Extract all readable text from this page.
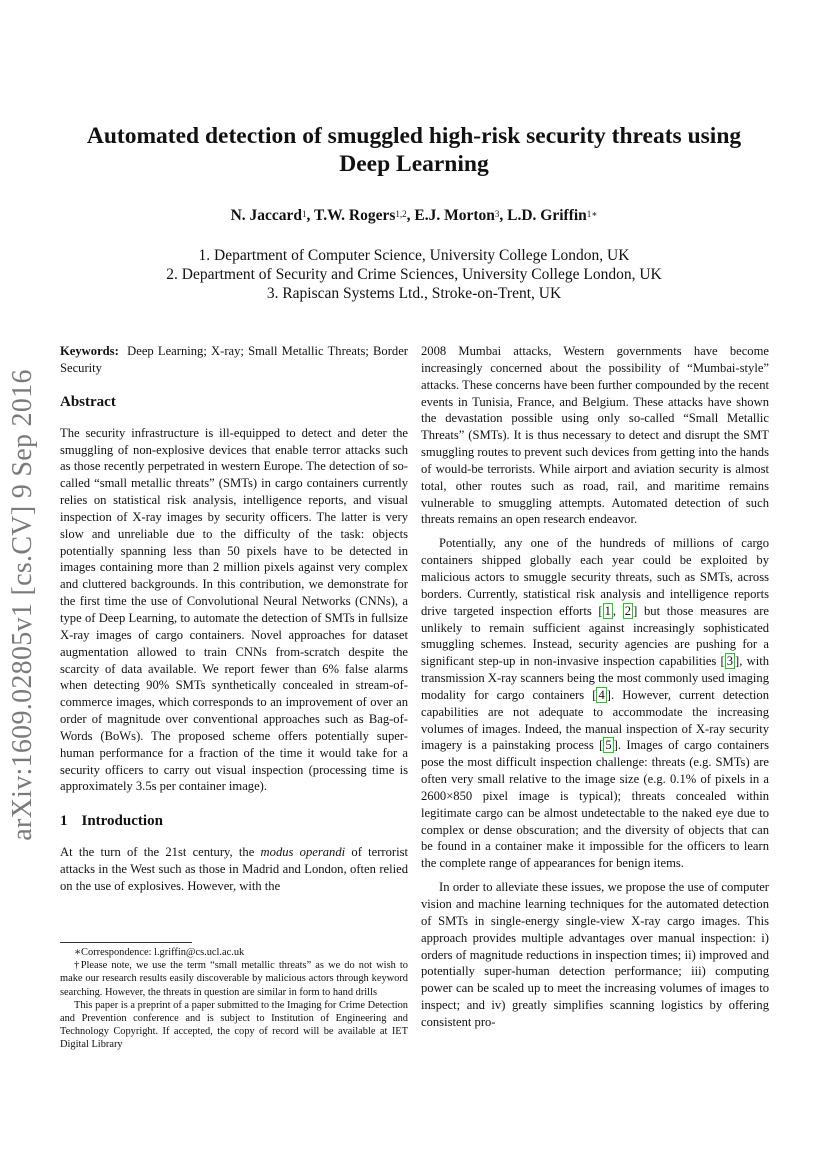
arXiv:1609.02805v1 [cs.CV] 9 Sep 2016
Automated detection of smuggled high-risk security threats using
Deep Learning
N. Jaccard$^1$, T.W. Rogers$^{1,2}$, E.J. Morton$^3$, L.D. Griffin$^{1∗}$
1. Department of Computer Science, University College London, UK
2. Department of Security and Crime Sciences, University College London, UK
3. Rapiscan Systems Ltd., Stroke-on-Trent, UK

Keywords: Deep Learning; X-ray; Small Metallic Threats; Border Security

Abstract

The security infrastructure is ill-equipped to detect and deter the smuggling of non-explosive devices that enable terror attacks such as those recently perpetrated in western Europe. The detection of so-called “small metallic threats” (SMTs) in cargo containers currently relies on statistical risk analysis, intelligence reports, and visual inspection of X-ray images by security officers. The latter is very slow and unreliable due to the difficulty of the task: objects potentially spanning less than 50 pixels have to be detected in images containing more than 2 million pixels against very complex and cluttered backgrounds. In this contribution, we demonstrate for the first time the use of Convolutional Neural Networks (CNNs), a type of Deep Learning, to automate the detection of SMTs in fullsize X-ray images of cargo containers. Novel approaches for dataset augmentation allowed to train CNNs from-scratch despite the scarcity of data available. We report fewer than 6% false alarms when detecting 90% SMTs synthetically concealed in stream-of-commerce images, which corresponds to an improvement of over an order of magnitude over conventional approaches such as Bag-of-Words (BoWs). The proposed scheme offers potentially super-human performance for a fraction of the time it would take for a security officers to carry out visual inspection (processing time is approximately 3.5s per container image).

1 Introduction

At the turn of the 21st century, the modus operandi of terrorist attacks in the West such as those in Madrid and London, often relied on the use of explosives. However, with the

∗Correspondence: l.griffin@cs.ucl.ac.uk

†Please note, we use the term “small metallic threats” as we do not wish to make our research results easily discoverable by malicious actors through keyword searching. However, the threats in question are similar in form to hand drills

This paper is a preprint of a paper submitted to the Imaging for Crime Detection and Prevention conference and is subject to Institution of Engineering and Technology Copyright. If accepted, the copy of record will be available at IET Digital Library

2008 Mumbai attacks, Western governments have become increasingly concerned about the possibility of “Mumbai-style” attacks. These concerns have been further compounded by the recent events in Tunisia, France, and Belgium. These attacks have shown the devastation possible using only so-called “Small Metallic Threats” (SMTs). It is thus necessary to detect and disrupt the SMT smuggling routes to prevent such devices from getting into the hands of would-be terrorists. While airport and aviation security is almost total, other routes such as road, rail, and maritime remains vulnerable to smuggling attempts. Automated detection of such threats remains an open research endeavor.

Potentially, any one of the hundreds of millions of cargo containers shipped globally each year could be exploited by malicious actors to smuggle security threats, such as SMTs, across borders. Currently, statistical risk analysis and intelligence reports drive targeted inspection efforts [ 1 , 2 ] but those measures are unlikely to remain sufficient against increasingly sophisticated smuggling schemes. Instead, security agencies are pushing for a significant step-up in non-invasive inspection capabilities [ 3 ], with transmission X-ray scanners being the most commonly used imaging modality for cargo containers [ 4 ]. However, current detection capabilities are not adequate to accommodate the increasing volumes of images. Indeed, the manual inspection of X-ray security imagery is a painstaking process [ 5 ]. Images of cargo containers pose the most difficult inspection challenge: threats (e.g. SMTs) are often very small relative to the image size (e.g. 0.1% of pixels in a 2600×850 pixel image is typical); threats concealed within legitimate cargo can be almost undetectable to the naked eye due to complex or dense obscuration; and the diversity of objects that can be found in a container make it impossible for the officers to learn the complete range of appearances for benign items.

In order to alleviate these issues, we propose the use of computer vision and machine learning techniques for the automated detection of SMTs in single-energy single-view X-ray cargo images. This approach provides multiple advantages over manual inspection: i) orders of magnitude reductions in inspection times; ii) improved and potentially super-human detection performance; iii) computing power can be scaled up to meet the increasing volumes of images to inspect; and iv) greatly simplifies scanning logistics by offering consistent pro-
